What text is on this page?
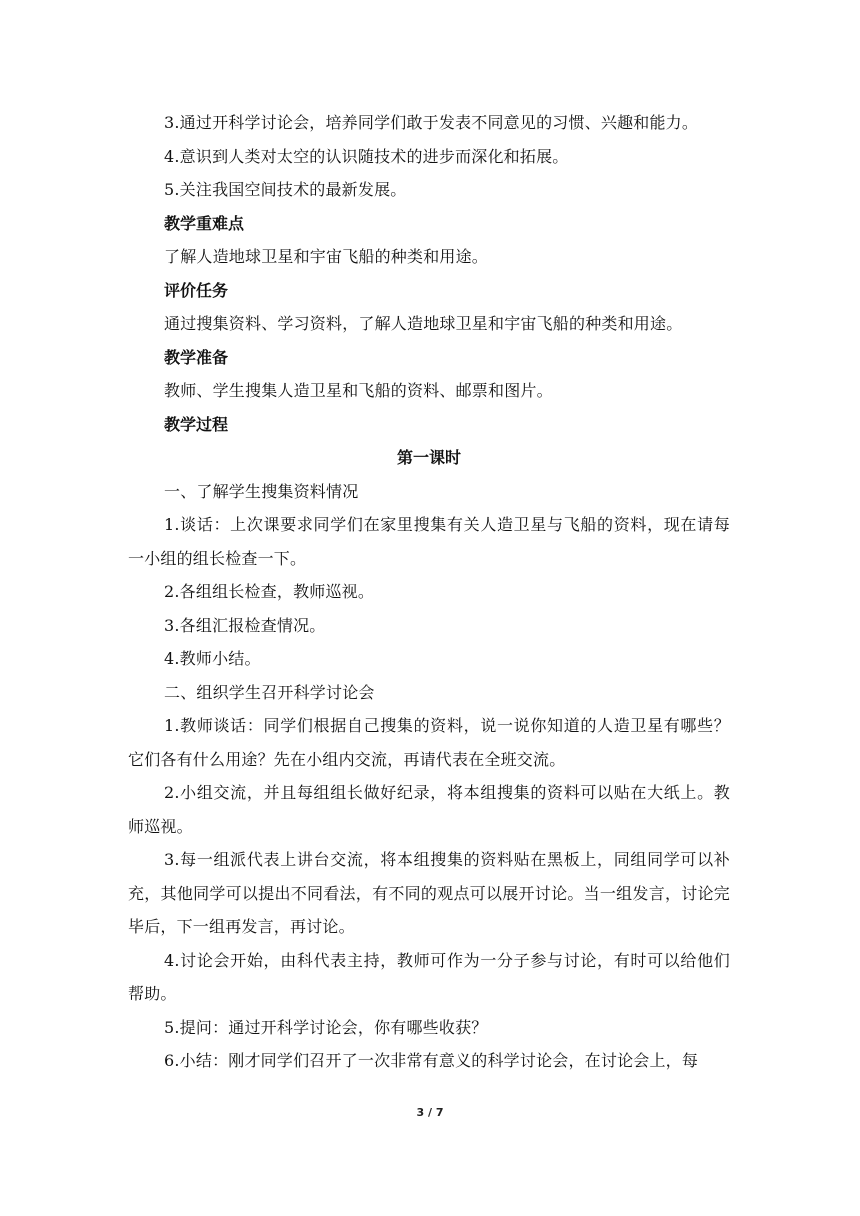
3.通过开科学讨论会，培养同学们敢于发表不同意见的习惯、兴趣和能力。

4.意识到人类对太空的认识随技术的进步而深化和拓展。

5.关注我国空间技术的最新发展。

教学重难点

了解人造地球卫星和宇宙飞船的种类和用途。

评价任务

通过搜集资料、学习资料，了解人造地球卫星和宇宙飞船的种类和用途。

教学准备

教师、学生搜集人造卫星和飞船的资料、邮票和图片。

教学过程

第一课时

一、了解学生搜集资料情况

1.谈话：上次课要求同学们在家里搜集有关人造卫星与飞船的资料，现在请每一小组的组长检查一下。

2.各组组长检查，教师巡视。

3.各组汇报检查情况。

4.教师小结。

二、组织学生召开科学讨论会

1.教师谈话：同学们根据自己搜集的资料，说一说你知道的人造卫星有哪些？它们各有什么用途？先在小组内交流，再请代表在全班交流。

2.小组交流，并且每组组长做好纪录，将本组搜集的资料可以贴在大纸上。教师巡视。

3.每一组派代表上讲台交流，将本组搜集的资料贴在黑板上，同组同学可以补充，其他同学可以提出不同看法，有不同的观点可以展开讨论。当一组发言，讨论完毕后，下一组再发言，再讨论。

4.讨论会开始，由科代表主持，教师可作为一分子参与讨论，有时可以给他们帮助。

5.提问：通过开科学讨论会，你有哪些收获？

6.小结：刚才同学们召开了一次非常有意义的科学讨论会，在讨论会上，每

3 / 7
